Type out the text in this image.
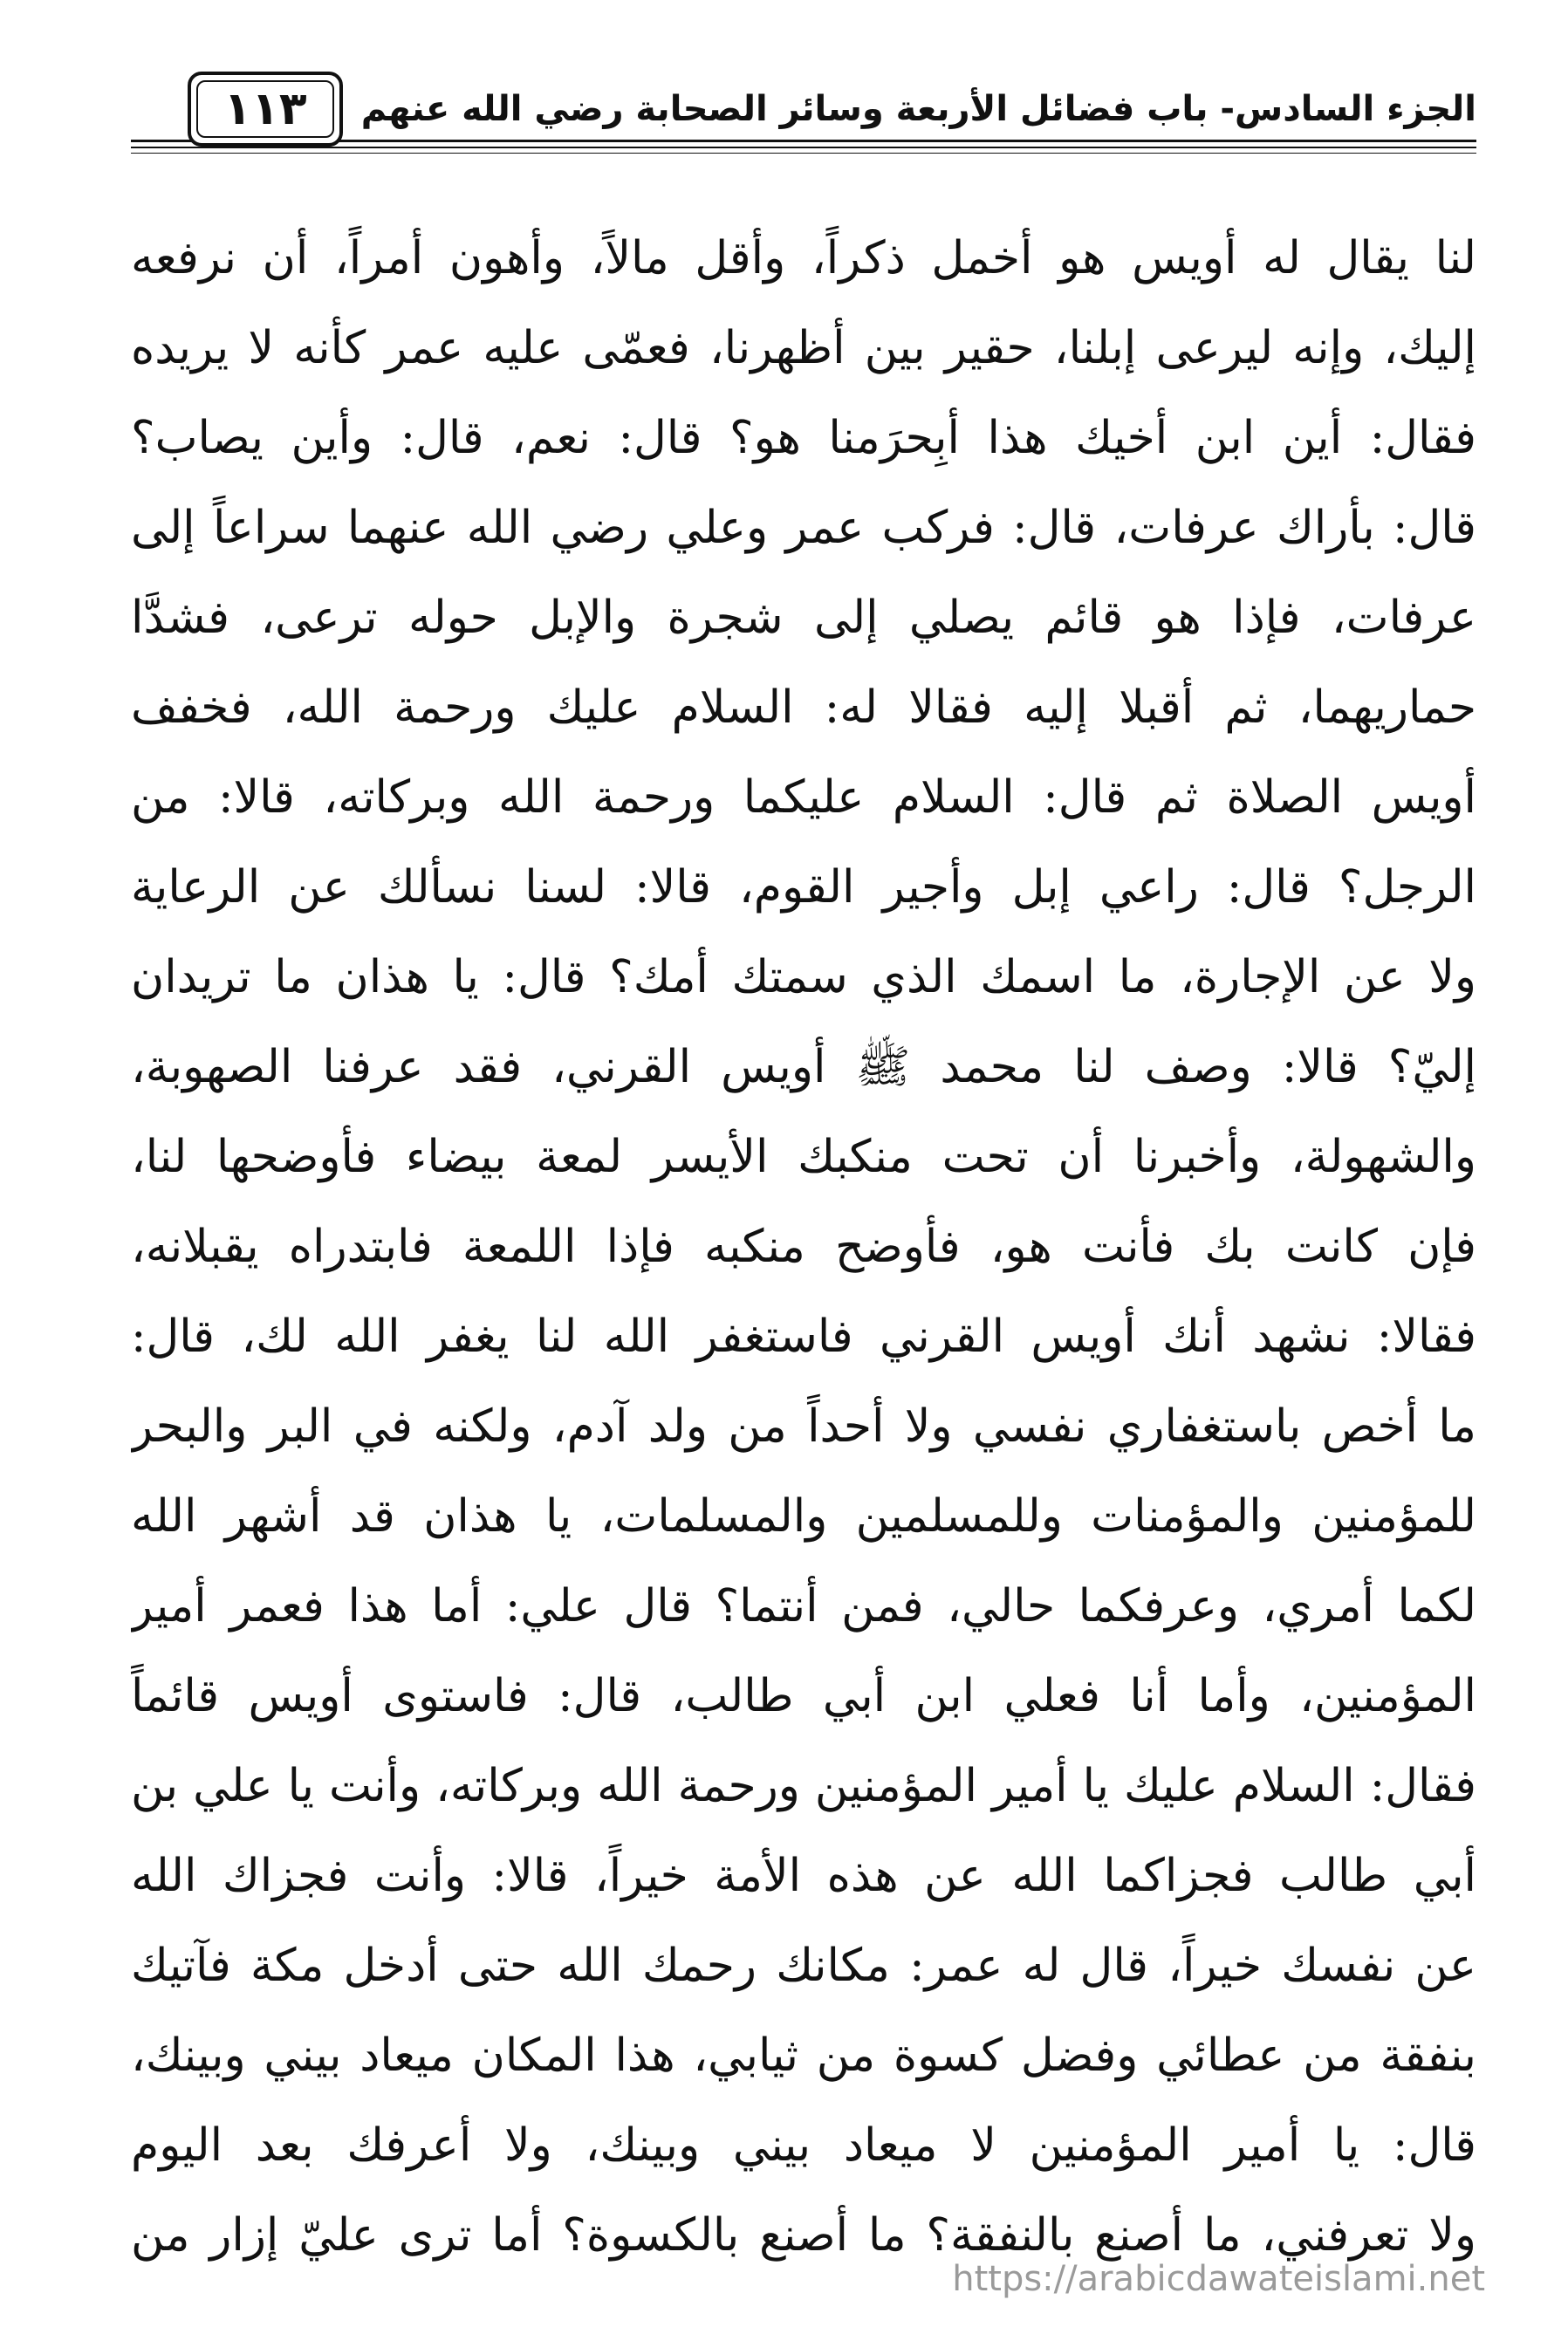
الجزء السادس- باب فضائل الأربعة وسائر الصحابة رضي الله عنهم
١١٣
لنا يقال له أويس هو أخمل ذكراً، وأقل مالاً، وأهون أمراً، أن نرفعه
إليك، وإنه ليرعى إبلنا، حقير بين أظهرنا، فعمّى عليه عمر كأنه لا يريده
فقال: أين ابن أخيك هذا أبِحرَمنا هو؟ قال: نعم، قال: وأين يصاب؟
قال: بأراك عرفات، قال: فركب عمر وعلي رضي الله عنهما سراعاً إلى
عرفات، فإذا هو قائم يصلي إلى شجرة والإبل حوله ترعى، فشدَّا
حماريهما، ثم أقبلا إليه فقالا له: السلام عليك ورحمة الله، فخفف
أويس الصلاة ثم قال: السلام عليكما ورحمة الله وبركاته، قالا: من
الرجل؟ قال: راعي إبل وأجير القوم، قالا: لسنا نسألك عن الرعاية
ولا عن الإجارة، ما اسمك الذي سمتك أمك؟ قال: يا هذان ما تريدان
إليّ؟ قالا: وصف لنا محمد ﷺ أويس القرني، فقد عرفنا الصهوبة،
والشهولة، وأخبرنا أن تحت منكبك الأيسر لمعة بيضاء فأوضحها لنا،
فإن كانت بك فأنت هو، فأوضح منكبه فإذا اللمعة فابتدراه يقبلانه،
فقالا: نشهد أنك أويس القرني فاستغفر الله لنا يغفر الله لك، قال:
ما أخص باستغفاري نفسي ولا أحداً من ولد آدم، ولكنه في البر والبحر
للمؤمنين والمؤمنات وللمسلمين والمسلمات، يا هذان قد أشهر الله
لكما أمري، وعرفكما حالي، فمن أنتما؟ قال علي: أما هذا فعمر أمير
المؤمنين، وأما أنا فعلي ابن أبي طالب، قال: فاستوى أويس قائماً
فقال: السلام عليك يا أمير المؤمنين ورحمة الله وبركاته، وأنت يا علي بن
أبي طالب فجزاكما الله عن هذه الأمة خيراً، قالا: وأنت فجزاك الله
عن نفسك خيراً، قال له عمر: مكانك رحمك الله حتى أدخل مكة فآتيك
بنفقة من عطائي وفضل كسوة من ثيابي، هذا المكان ميعاد بيني وبينك،
قال: يا أمير المؤمنين لا ميعاد بيني وبينك، ولا أعرفك بعد اليوم
ولا تعرفني، ما أصنع بالنفقة؟ ما أصنع بالكسوة؟ أما ترى عليّ إزار من
https://arabicdawateislami.net
